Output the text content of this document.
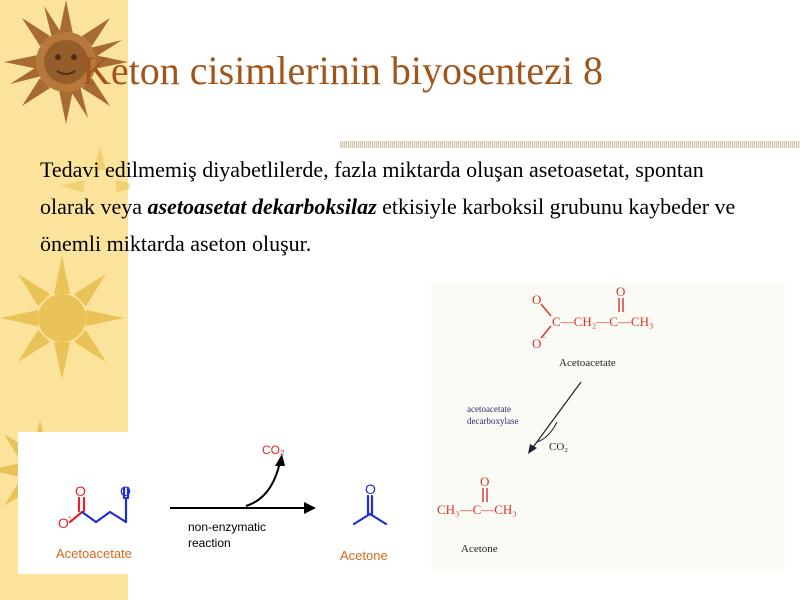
Keton cisimlerinin biyosentezi 8
Tedavi edilmemiş diyabetlilerde, fazla miktarda oluşan asetoasetat, spontan olarak veya asetoasetat dekarboksilaz etkisiyle karboksil grubunu kaybeder ve önemli miktarda aseton oluşur.
O
O −
O
C—CH₂—C—CH₃
Acetoacetate
acetoacetate
decarboxylase
CO₂
O
CH₃—C—CH₃
Acetone
O O
O -
Acetoacetate
CO₂
non-enzymatic
reaction
O
Acetone
